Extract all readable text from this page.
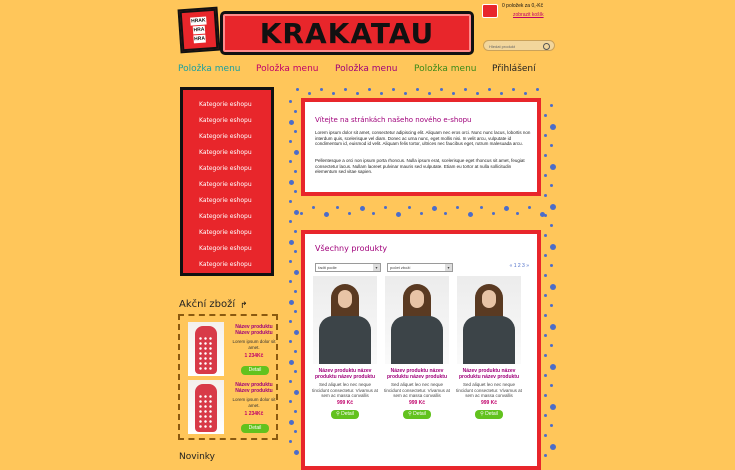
HRAK
HRA
HRA KRAKATAU
0 položek za 0,-Kč
zobrazit košík
Hledat produkt
Položka menu Položka menu Položka menu Položka menu Přihlášení
Kategorie eshopu
Kategorie eshopu
Kategorie eshopu
Kategorie eshopu
Kategorie eshopu
Kategorie eshopu
Kategorie eshopu
Kategorie eshopu
Kategorie eshopu
Kategorie eshopu
Kategorie eshopu
Akční zboží ↱
Název produktu Název produktu
Lorem ipsum dolor sit amet.
1 234Kč
Detail
Název produktu Název produktu
Lorem ipsum dolor sit amet.
1 234Kč
Detail
Novinky
Vítejte na stránkách našeho nového e-shopu
Lorem ipsum dolor sit amet, consectetur adipiscing elit. Aliquam nec eros orci. Nunc nunc lacus, lobortis non interdum quis, scelerisque vel diam. Donec ac urna nunc, eget mollis nisi. In velit arcu, vulputate id condimentum id, euismod id velit. Aliquam felis tortor, ultrices nec faucibus eget, rutrum malesuada arcu.
Pellentesque a orci non ipsum porta rhoncus. Nulla ipsum erat, scelerisque eget rhoncus sit amet, feugiat consectetur lacus. Nullam laoreet pulvinar mauris sed vulputate. Etiam eu tortor at nulla sollicitudin elementum sed vitae sapien.
Všechny produkty
řadit podle	▾	počet zboží	▾	« 1 2 3 »
Název produktu název produktu název produktu
Sed aliquet leo nec neque tincidunt consectetur. Vivamus at sem ac massa convallis
999 Kč
⚲ Detail
Název produktu název produktu název produktu
Sed aliquet leo nec neque tincidunt consectetur. Vivamus at sem ac massa convallis
999 Kč
⚲ Detail
Název produktu název produktu název produktu
Sed aliquet leo nec neque tincidunt consectetur. Vivamus at sem ac massa convallis
999 Kč
⚲ Detail
